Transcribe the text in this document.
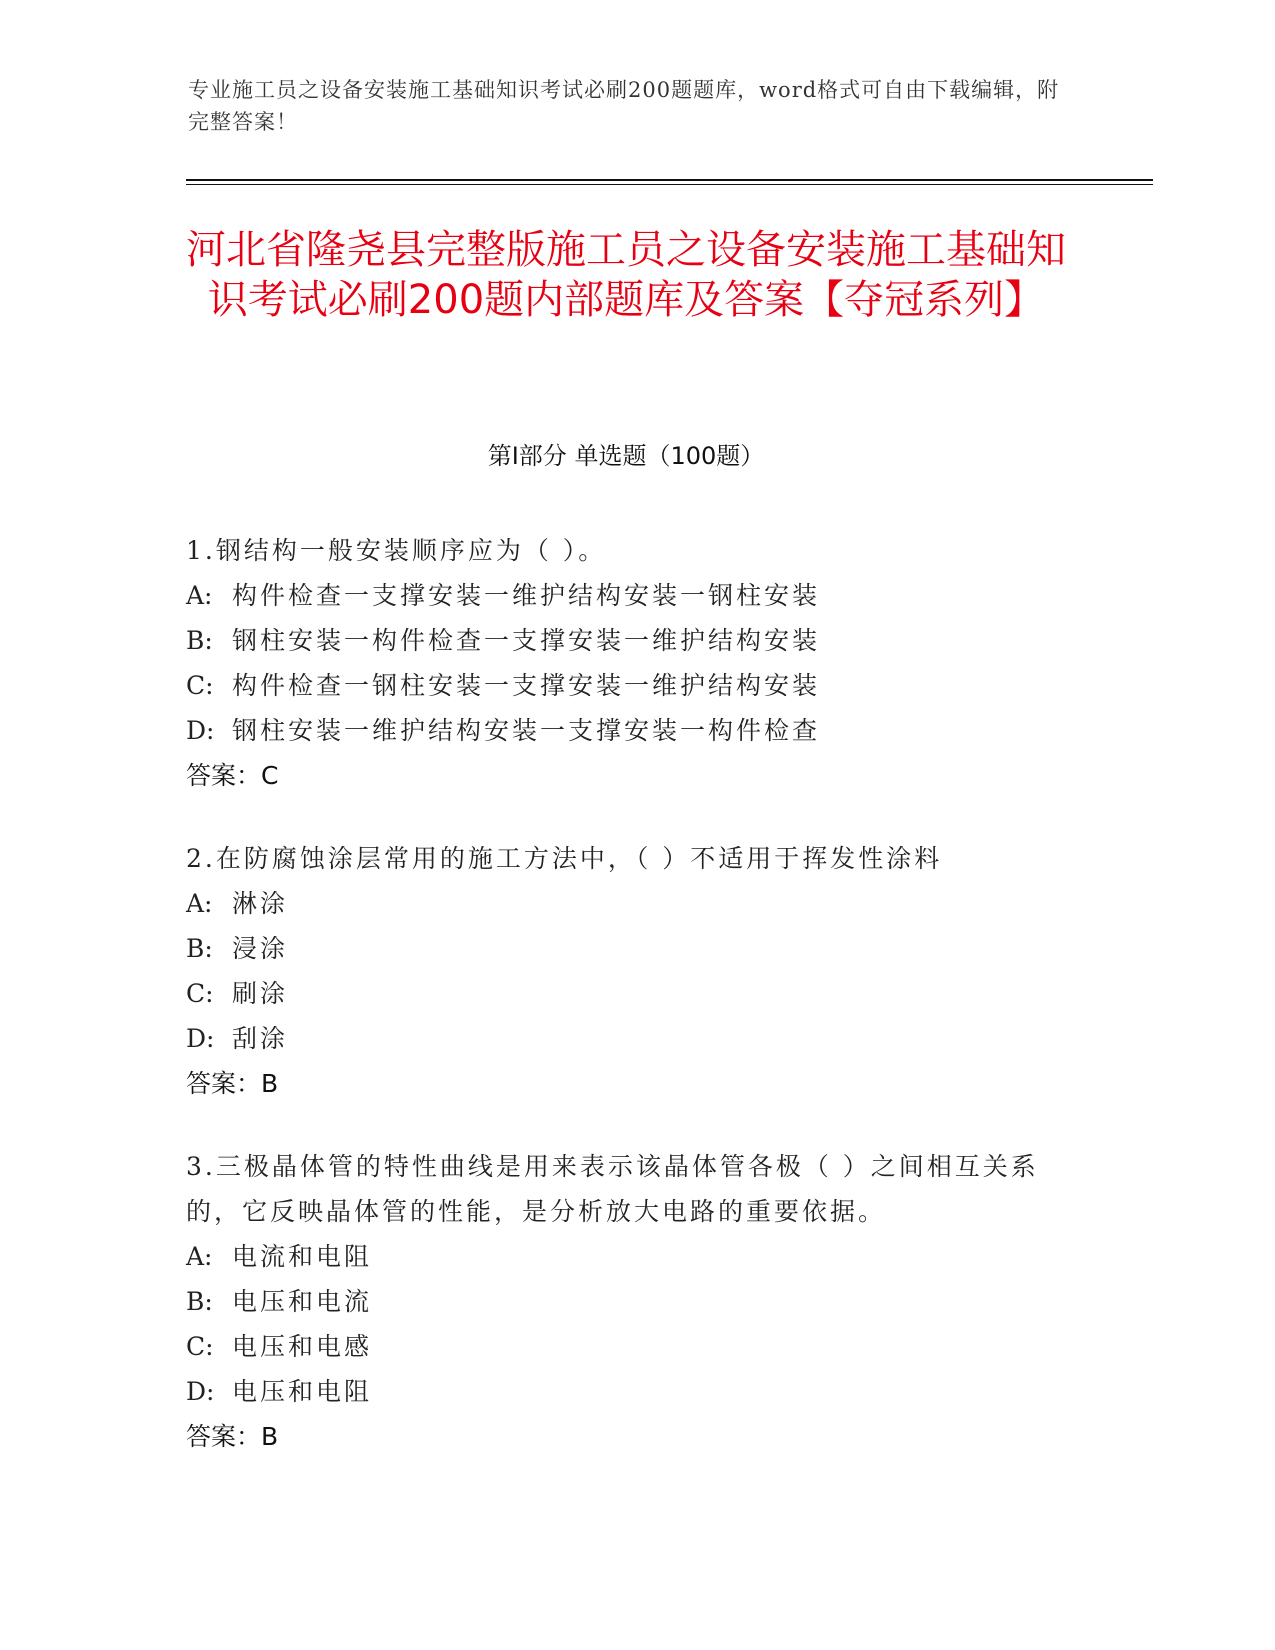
专业施工员之设备安装施工基础知识考试必刷200题题库，word格式可自由下载编辑，附完整答案！
河北省隆尧县完整版施工员之设备安装施工基础知识考试必刷200题内部题库及答案【夺冠系列】
第Ⅰ部分 单选题（100题）
1.钢结构一般安装顺序应为（ ）。
A: 构件检查一支撑安装一维护结构安装一钢柱安装
B: 钢柱安装一构件检查一支撑安装一维护结构安装
C: 构件检查一钢柱安装一支撑安装一维护结构安装
D: 钢柱安装一维护结构安装一支撑安装一构件检查
答案：C
2.在防腐蚀涂层常用的施工方法中，（ ）不适用于挥发性涂料
A: 淋涂
B: 浸涂
C: 刷涂
D: 刮涂
答案：B
3.三极晶体管的特性曲线是用来表示该晶体管各极（ ）之间相互关系的，它反映晶体管的性能，是分析放大电路的重要依据。
A: 电流和电阻
B: 电压和电流
C: 电压和电感
D: 电压和电阻
答案：B
